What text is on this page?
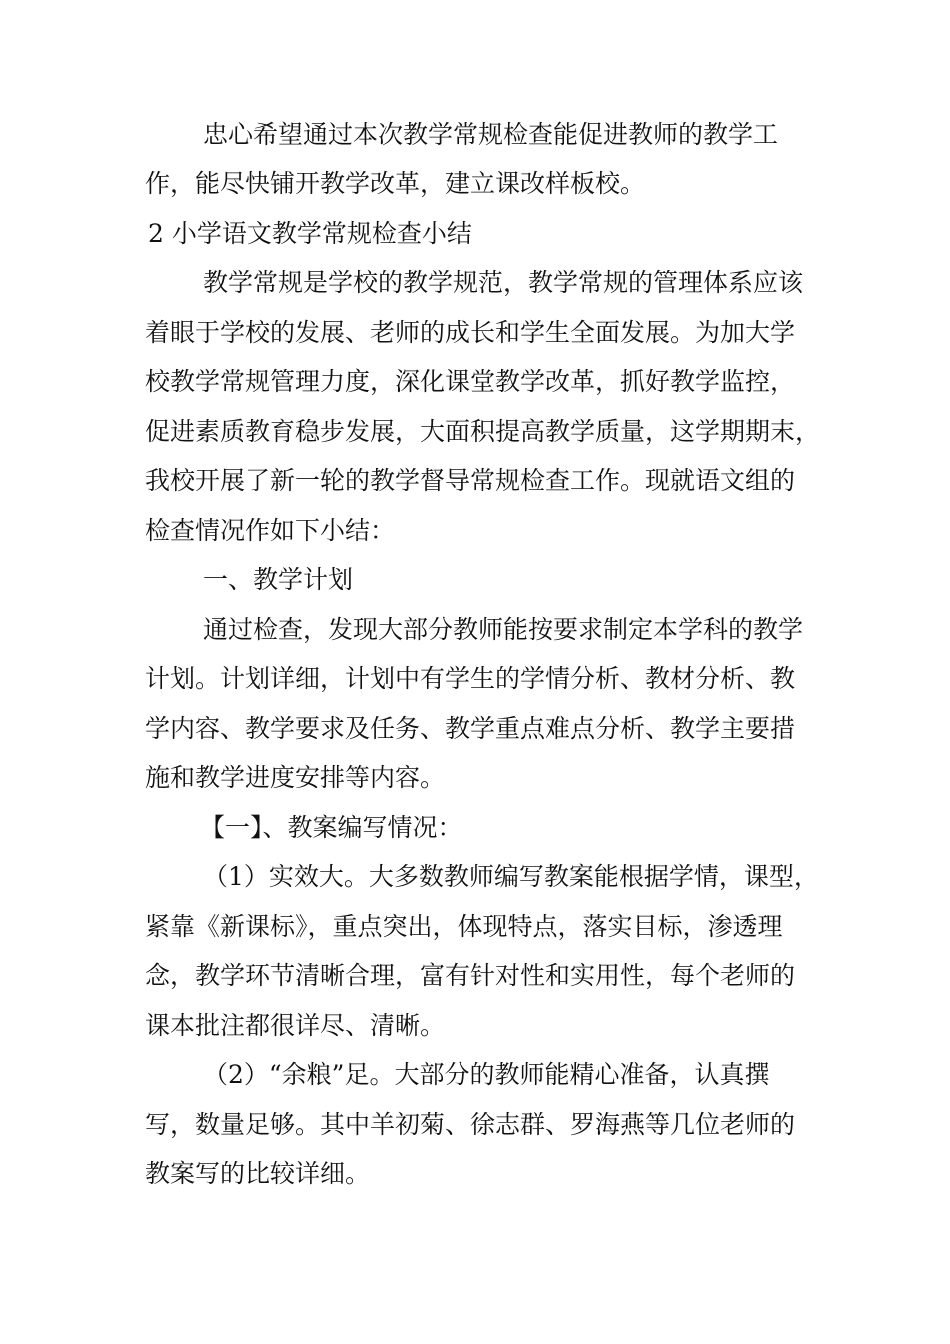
忠心希望通过本次教学常规检查能促进教师的教学工
作，能尽快铺开教学改革，建立课改样板校。
2 小学语文教学常规检查小结
教学常规是学校的教学规范，教学常规的管理体系应该
着眼于学校的发展、老师的成长和学生全面发展。为加大学
校教学常规管理力度，深化课堂教学改革，抓好教学监控，
促进素质教育稳步发展，大面积提高教学质量，这学期期末，
我校开展了新一轮的教学督导常规检查工作。现就语文组的
检查情况作如下小结：
一、教学计划
通过检查，发现大部分教师能按要求制定本学科的教学
计划。计划详细，计划中有学生的学情分析、教材分析、教
学内容、教学要求及任务、教学重点难点分析、教学主要措
施和教学进度安排等内容。
【一】、教案编写情况：
（1）实效大。大多数教师编写教案能根据学情，课型，
紧靠《新课标》，重点突出，体现特点，落实目标，渗透理
念，教学环节清晰合理，富有针对性和实用性，每个老师的
课本批注都很详尽、清晰。
（2）“余粮”足。大部分的教师能精心准备，认真撰
写，数量足够。其中羊初菊、徐志群、罗海燕等几位老师的
教案写的比较详细。
